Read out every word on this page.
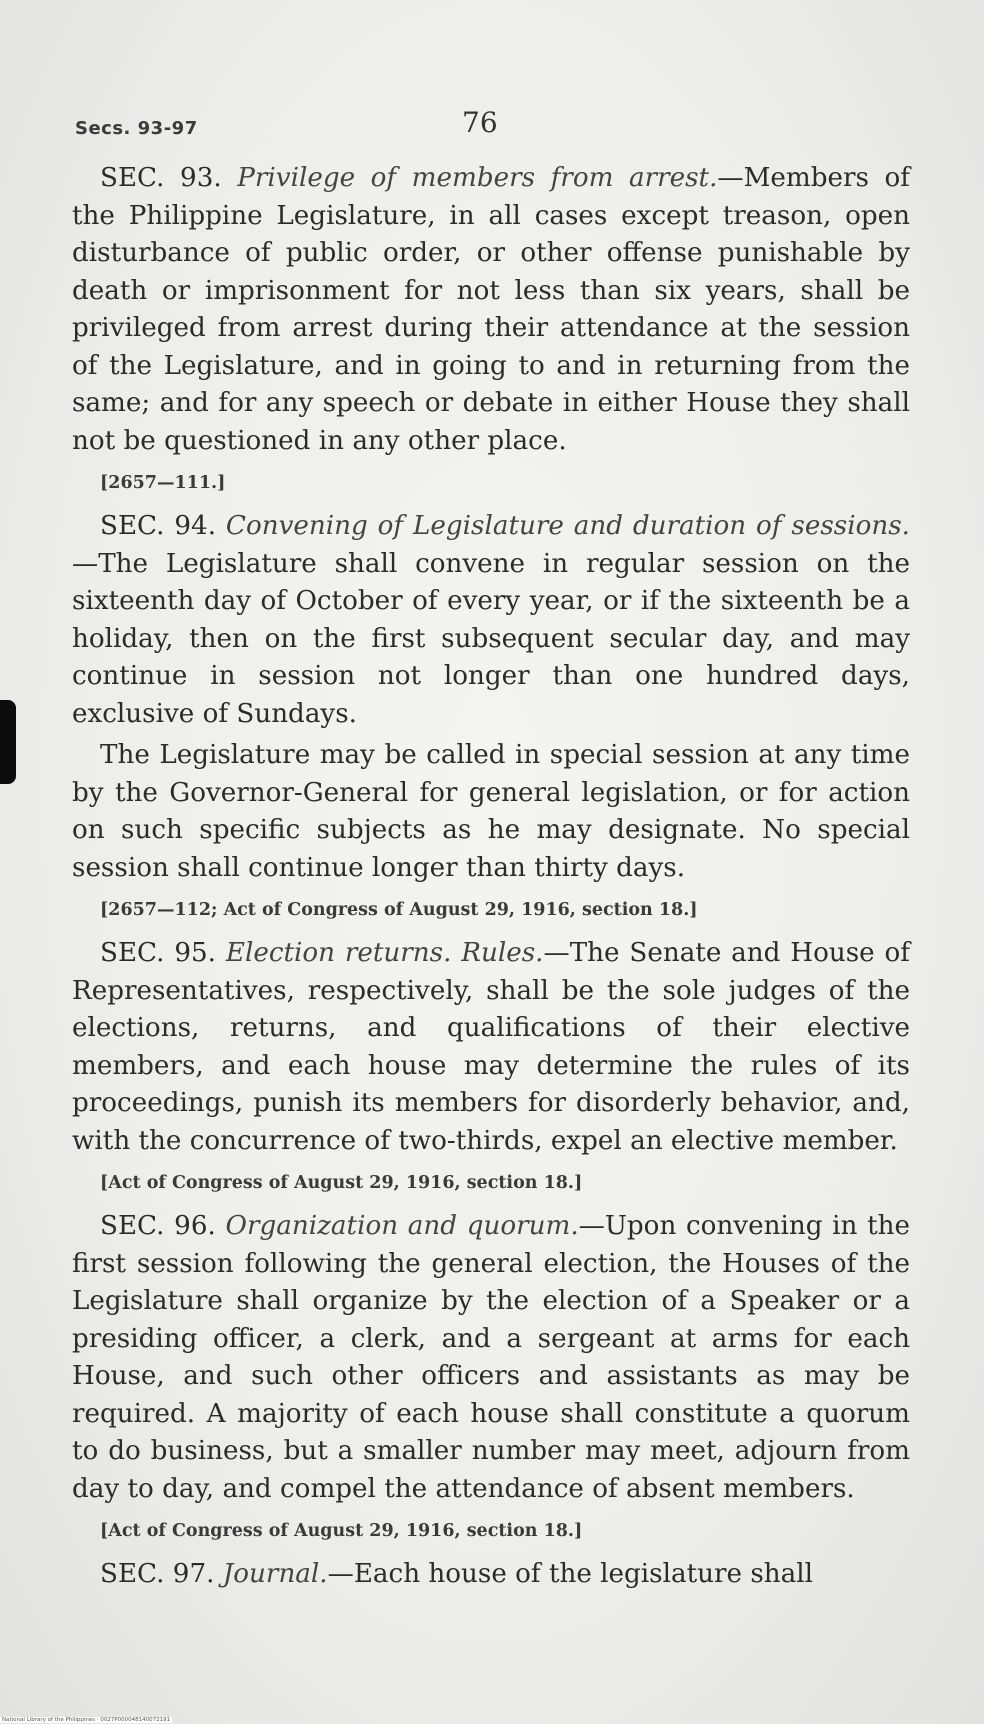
Secs. 93-97	76

SEC. 93. Privilege of members from arrest.—Members of the Philippine Legislature, in all cases except treason, open disturbance of public order, or other offense punishable by death or imprisonment for not less than six years, shall be privileged from arrest during their attendance at the session of the Legislature, and in going to and in returning from the same; and for any speech or debate in either House they shall not be questioned in any other place.

[2657—111.]

SEC. 94. Convening of Legislature and duration of sessions.—The Legislature shall convene in regular session on the sixteenth day of October of every year, or if the sixteenth be a holiday, then on the first subsequent secular day, and may continue in session not longer than one hundred days, exclusive of Sundays.

The Legislature may be called in special session at any time by the Governor-General for general legislation, or for action on such specific subjects as he may designate. No special session shall continue longer than thirty days.

[2657—112; Act of Congress of August 29, 1916, section 18.]

SEC. 95. Election returns. Rules.—The Senate and House of Representatives, respectively, shall be the sole judges of the elections, returns, and qualifications of their elective members, and each house may determine the rules of its proceedings, punish its members for disorderly behavior, and, with the concurrence of two-thirds, expel an elective member.

[Act of Congress of August 29, 1916, section 18.]

SEC. 96. Organization and quorum.—Upon convening in the first session following the general election, the Houses of the Legislature shall organize by the election of a Speaker or a presiding officer, a clerk, and a sergeant at arms for each House, and such other officers and assistants as may be required. A majority of each house shall constitute a quorum to do business, but a smaller number may meet, adjourn from day to day, and compel the attendance of absent members.

[Act of Congress of August 29, 1916, section 18.]

SEC. 97. Journal.—Each house of the legislature shall

National Library of the Philippines · 0027P000048140072191
